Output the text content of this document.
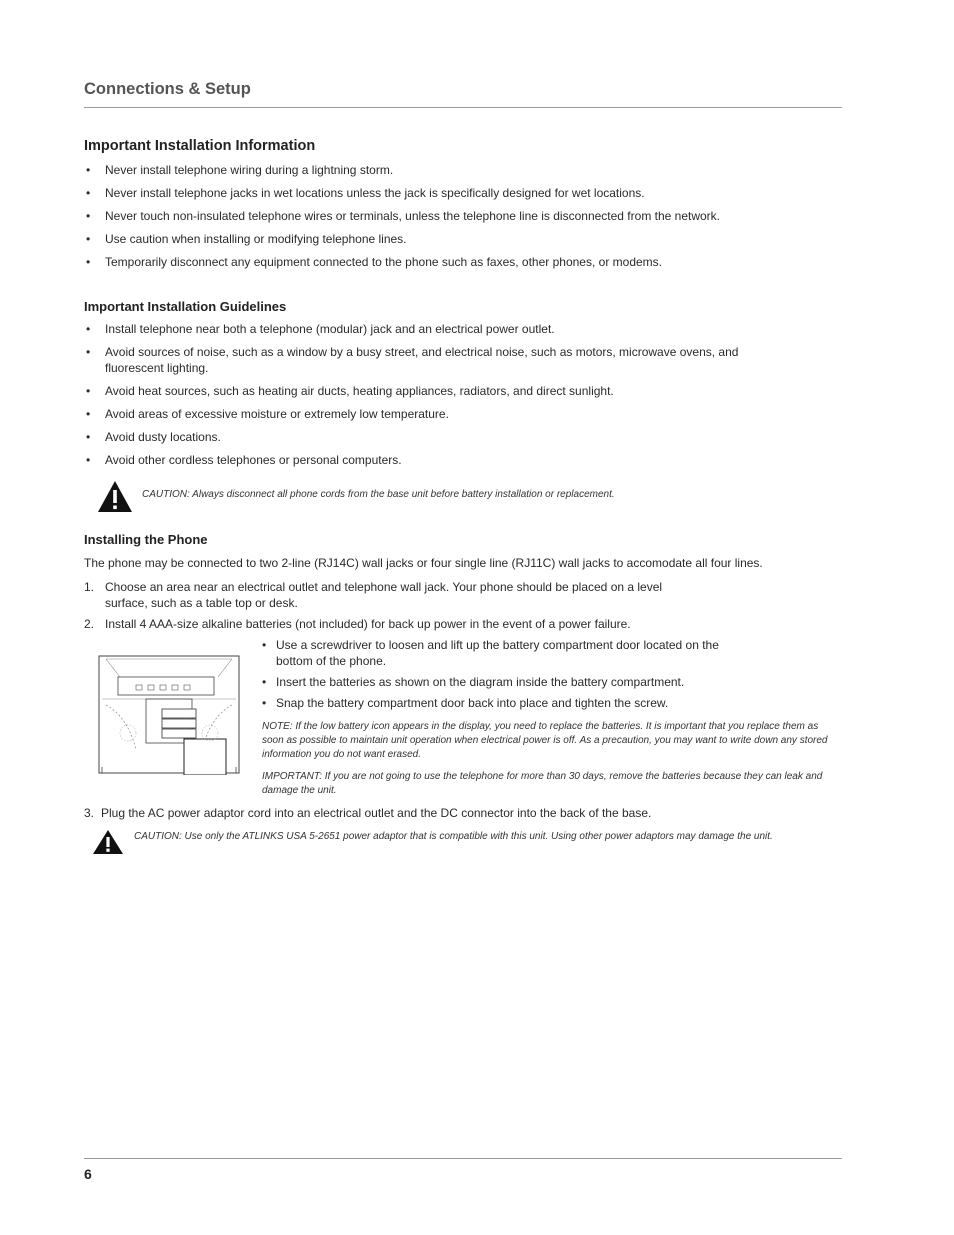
Connections & Setup
Important Installation Information
• Never install telephone wiring during a lightning storm.
• Never install telephone jacks in wet locations unless the jack is specifically designed for wet locations.
• Never touch non-insulated telephone wires or terminals, unless the telephone line is disconnected from the network.
• Use caution when installing or modifying telephone lines.
• Temporarily disconnect any equipment connected to the phone such as faxes, other phones, or modems.
Important Installation Guidelines
• Install telephone near both a telephone (modular) jack and an electrical power outlet.
• Avoid sources of noise, such as a window by a busy street, and electrical noise, such as motors, microwave ovens, and fluorescent lighting.
• Avoid heat sources, such as heating air ducts, heating appliances, radiators, and direct sunlight.
• Avoid areas of excessive moisture or extremely low temperature.
• Avoid dusty locations.
• Avoid other cordless telephones or personal computers.
CAUTION: Always disconnect all phone cords from the base unit before battery installation or replacement.
Installing the Phone
The phone may be connected to two 2-line (RJ14C) wall jacks or four single line (RJ11C) wall jacks to accomodate all four lines.
1. Choose an area near an electrical outlet and telephone wall jack. Your phone should be placed on a level surface, such as a table top or desk.
2. Install 4 AAA-size alkaline batteries (not included) for back up power in the event of a power failure.
• Use a screwdriver to loosen and lift up the battery compartment door located on the bottom of the phone.
• Insert the batteries as shown on the diagram inside the battery compartment.
• Snap the battery compartment door back into place and tighten the screw.
NOTE: If the low battery icon appears in the display, you need to replace the batteries. It is important that you replace them as soon as possible to maintain unit operation when electrical power is off. As a precaution, you may want to write down any stored information you do not want erased.
IMPORTANT: If you are not going to use the telephone for more than 30 days, remove the batteries because they can leak and damage the unit.
3. Plug the AC power adaptor cord into an electrical outlet and the DC connector into the back of the base.
CAUTION: Use only the ATLINKS USA 5-2651 power adaptor that is compatible with this unit. Using other power adaptors may damage the unit.
6
